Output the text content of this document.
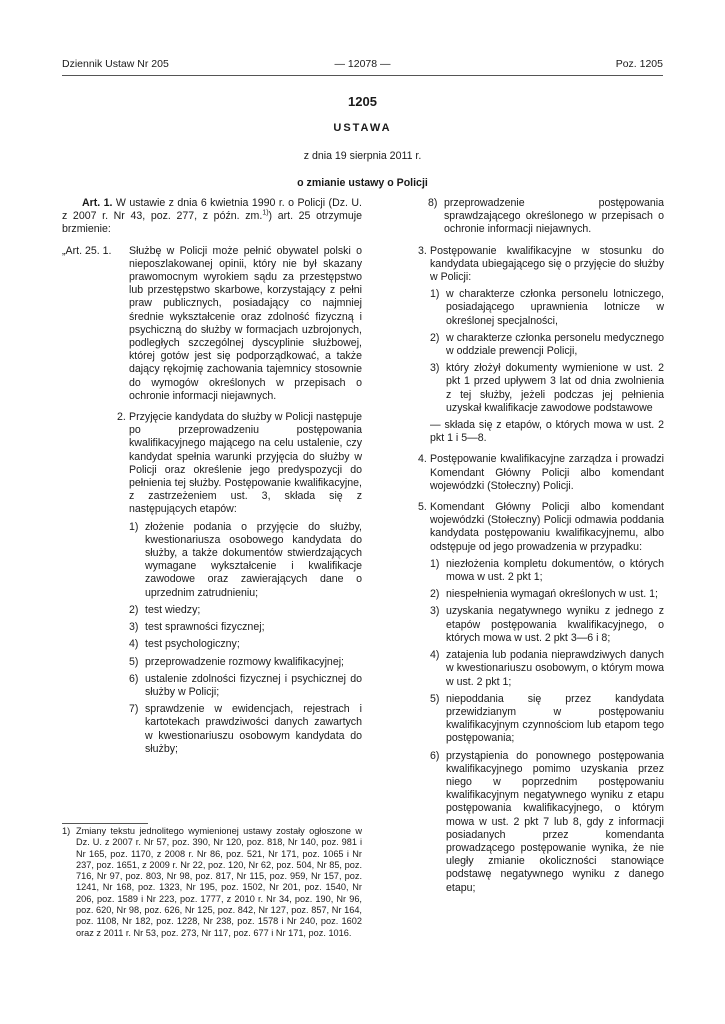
Dziennik Ustaw Nr 205	— 12078 —	Poz. 1205
1205
USTAWA
z dnia 19 sierpnia 2011 r.
o zmianie ustawy o Policji

Art. 1. W ustawie z dnia 6 kwietnia 1990 r. o Policji (Dz. U. z 2007 r. Nr 43, poz. 277, z późn. zm.$^{1)}$) art. 25 otrzymuje brzmienie:

„Art. 25. 1. Służbę w Policji może pełnić obywatel polski o nieposzlakowanej opinii, który nie był skazany prawomocnym wyrokiem sądu za przestępstwo lub przestępstwo skarbowe, korzystający z pełni praw publicznych, posiadający co najmniej średnie wykształcenie oraz zdolność fizyczną i psychiczną do służby w formacjach uzbrojonych, podległych szczególnej dyscyplinie służbowej, której gotów jest się podporządkować, a także dający rękojmię zachowania tajemnicy stosownie do wymogów określonych w przepisach o ochronie informacji niejawnych.

2. Przyjęcie kandydata do służby w Policji następuje po przeprowadzeniu postępowania kwalifikacyjnego mającego na celu ustalenie, czy kandydat spełnia warunki przyjęcia do służby w Policji oraz określenie jego predyspozycji do pełnienia tej służby. Postępowanie kwalifikacyjne, z zastrzeżeniem ust. 3, składa się z następujących etapów:

1) złożenie podania o przyjęcie do służby, kwestionariusza osobowego kandydata do służby, a także dokumentów stwierdzających wymagane wykształcenie i kwalifikacje zawodowe oraz zawierających dane o uprzednim zatrudnieniu;

2) test wiedzy;

3) test sprawności fizycznej;

4) test psychologiczny;

5) przeprowadzenie rozmowy kwalifikacyjnej;

6) ustalenie zdolności fizycznej i psychicznej do służby w Policji;

7) sprawdzenie w ewidencjach, rejestrach i kartotekach prawdziwości danych zawartych w kwestionariuszu osobowym kandydata do służby;

1) Zmiany tekstu jednolitego wymienionej ustawy zostały ogłoszone w Dz. U. z 2007 r. Nr 57, poz. 390, Nr 120, poz. 818, Nr 140, poz. 981 i Nr 165, poz. 1170, z 2008 r. Nr 86, poz. 521, Nr 171, poz. 1065 i Nr 237, poz. 1651, z 2009 r. Nr 22, poz. 120, Nr 62, poz. 504, Nr 85, poz. 716, Nr 97, poz. 803, Nr 98, poz. 817, Nr 115, poz. 959, Nr 157, poz. 1241, Nr 168, poz. 1323, Nr 195, poz. 1502, Nr 201, poz. 1540, Nr 206, poz. 1589 i Nr 223, poz. 1777, z 2010 r. Nr 34, poz. 190, Nr 96, poz. 620, Nr 98, poz. 626, Nr 125, poz. 842, Nr 127, poz. 857, Nr 164, poz. 1108, Nr 182, poz. 1228, Nr 238, poz. 1578 i Nr 240, poz. 1602 oraz z 2011 r. Nr 53, poz. 273, Nr 117, poz. 677 i Nr 171, poz. 1016.

8) przeprowadzenie postępowania sprawdzającego określonego w przepisach o ochronie informacji niejawnych.

3. Postępowanie kwalifikacyjne w stosunku do kandydata ubiegającego się o przyjęcie do służby w Policji:

1) w charakterze członka personelu lotniczego, posiadającego uprawnienia lotnicze w określonej specjalności,

2) w charakterze członka personelu medycznego w oddziale prewencji Policji,

3) który złożył dokumenty wymienione w ust. 2 pkt 1 przed upływem 3 lat od dnia zwolnienia z tej służby, jeżeli podczas jej pełnienia uzyskał kwalifikacje zawodowe podstawowe

— składa się z etapów, o których mowa w ust. 2 pkt 1 i 5—8.

4. Postępowanie kwalifikacyjne zarządza i prowadzi Komendant Główny Policji albo komendant wojewódzki (Stołeczny) Policji.

5. Komendant Główny Policji albo komendant wojewódzki (Stołeczny) Policji odmawia poddania kandydata postępowaniu kwalifikacyjnemu, albo odstępuje od jego prowadzenia w przypadku:

1) niezłożenia kompletu dokumentów, o których mowa w ust. 2 pkt 1;

2) niespełnienia wymagań określonych w ust. 1;

3) uzyskania negatywnego wyniku z jednego z etapów postępowania kwalifikacyjnego, o których mowa w ust. 2 pkt 3—6 i 8;

4) zatajenia lub podania nieprawdziwych danych w kwestionariuszu osobowym, o którym mowa w ust. 2 pkt 1;

5) niepoddania się przez kandydata przewidzianym w postępowaniu kwalifikacyjnym czynnościom lub etapom tego postępowania;

6) przystąpienia do ponownego postępowania kwalifikacyjnego pomimo uzyskania przez niego w poprzednim postępowaniu kwalifikacyjnym negatywnego wyniku z etapu postępowania kwalifikacyjnego, o którym mowa w ust. 2 pkt 7 lub 8, gdy z informacji posiadanych przez komendanta prowadzącego postępowanie wynika, że nie uległy zmianie okoliczności stanowiące podstawę negatywnego wyniku z danego etapu;
